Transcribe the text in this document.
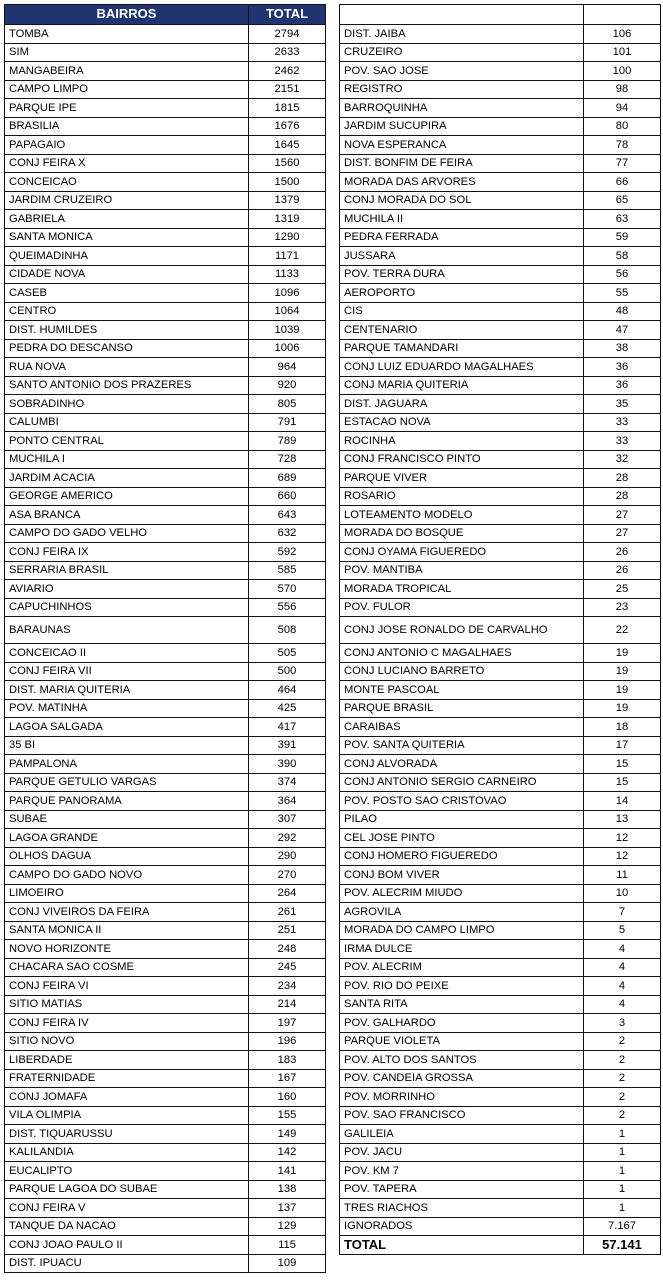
BAIRROS	TOTAL
TOMBA	2794
SIM	2633
MANGABEIRA	2462
CAMPO LIMPO	2151
PARQUE IPE	1815
BRASILIA	1676
PAPAGAIO	1645
CONJ FEIRA X	1560
CONCEICAO	1500
JARDIM CRUZEIRO	1379
GABRIELA	1319
SANTA MONICA	1290
QUEIMADINHA	1171
CIDADE NOVA	1133
CASEB	1096
CENTRO	1064
DIST. HUMILDES	1039
PEDRA DO DESCANSO	1006
RUA NOVA	964
SANTO ANTONIO DOS PRAZERES	920
SOBRADINHO	805
CALUMBI	791
PONTO CENTRAL	789
MUCHILA I	728
JARDIM ACACIA	689
GEORGE AMERICO	660
ASA BRANCA	643
CAMPO DO GADO VELHO	632
CONJ FEIRA IX	592
SERRARIA BRASIL	585
AVIARIO	570
CAPUCHINHOS	556
BARAUNAS	508
CONCEICAO II	505
CONJ FEIRA VII	500
DIST. MARIA QUITERIA	464
POV. MATINHA	425
LAGOA SALGADA	417
35 BI	391
PAMPALONA	390
PARQUE GETULIO VARGAS	374
PARQUE PANORAMA	364
SUBAE	307
LAGOA GRANDE	292
OLHOS DAGUA	290
CAMPO DO GADO NOVO	270
LIMOEIRO	264
CONJ VIVEIROS DA FEIRA	261
SANTA MONICA II	251
NOVO HORIZONTE	248
CHACARA SAO COSME	245
CONJ FEIRA VI	234
SITIO MATIAS	214
CONJ FEIRA IV	197
SITIO NOVO	196
LIBERDADE	183
FRATERNIDADE	167
CONJ JOMAFA	160
VILA OLIMPIA	155
DIST. TIQUARUSSU	149
KALILANDIA	142
EUCALIPTO	141
PARQUE LAGOA DO SUBAE	138
CONJ FEIRA V	137
TANQUE DA NACAO	129
CONJ JOAO PAULO II	115
DIST. IPUACU	109

DIST. JAIBA	106
CRUZEIRO	101
POV. SAO JOSE	100
REGISTRO	98
BARROQUINHA	94
JARDIM SUCUPIRA	80
NOVA ESPERANCA	78
DIST. BONFIM DE FEIRA	77
MORADA DAS ARVORES	66
CONJ MORADA DO SOL	65
MUCHILA II	63
PEDRA FERRADA	59
JUSSARA	58
POV. TERRA DURA	56
AEROPORTO	55
CIS	48
CENTENARIO	47
PARQUE TAMANDARI	38
CONJ LUIZ EDUARDO MAGALHAES	36
CONJ MARIA QUITERIA	36
DIST. JAGUARA	35
ESTACAO NOVA	33
ROCINHA	33
CONJ FRANCISCO PINTO	32
PARQUE VIVER	28
ROSARIO	28
LOTEAMENTO MODELO	27
MORADA DO BOSQUE	27
CONJ OYAMA FIGUEREDO	26
POV. MANTIBA	26
MORADA TROPICAL	25
POV. FULOR	23
CONJ JOSE RONALDO DE CARVALHO	22
CONJ ANTONIO C MAGALHAES	19
CONJ LUCIANO BARRETO	19
MONTE PASCOAL	19
PARQUE BRASIL	19
CARAIBAS	18
POV. SANTA QUITERIA	17
CONJ ALVORADA	15
CONJ ANTONIO SERGIO CARNEIRO	15
POV. POSTO SAO CRISTOVAO	14
PILAO	13
CEL JOSE PINTO	12
CONJ HOMERO FIGUEREDO	12
CONJ BOM VIVER	11
POV. ALECRIM MIUDO	10
AGROVILA	7
MORADA DO CAMPO LIMPO	5
IRMA DULCE	4
POV. ALECRIM	4
POV. RIO DO PEIXE	4
SANTA RITA	4
POV. GALHARDO	3
PARQUE VIOLETA	2
POV. ALTO DOS SANTOS	2
POV. CANDEIA GROSSA	2
POV. MORRINHO	2
POV. SAO FRANCISCO	2
GALILEIA	1
POV. JACU	1
POV. KM 7	1
POV. TAPERA	1
TRES RIACHOS	1
IGNORADOS	7.167
TOTAL	57.141
